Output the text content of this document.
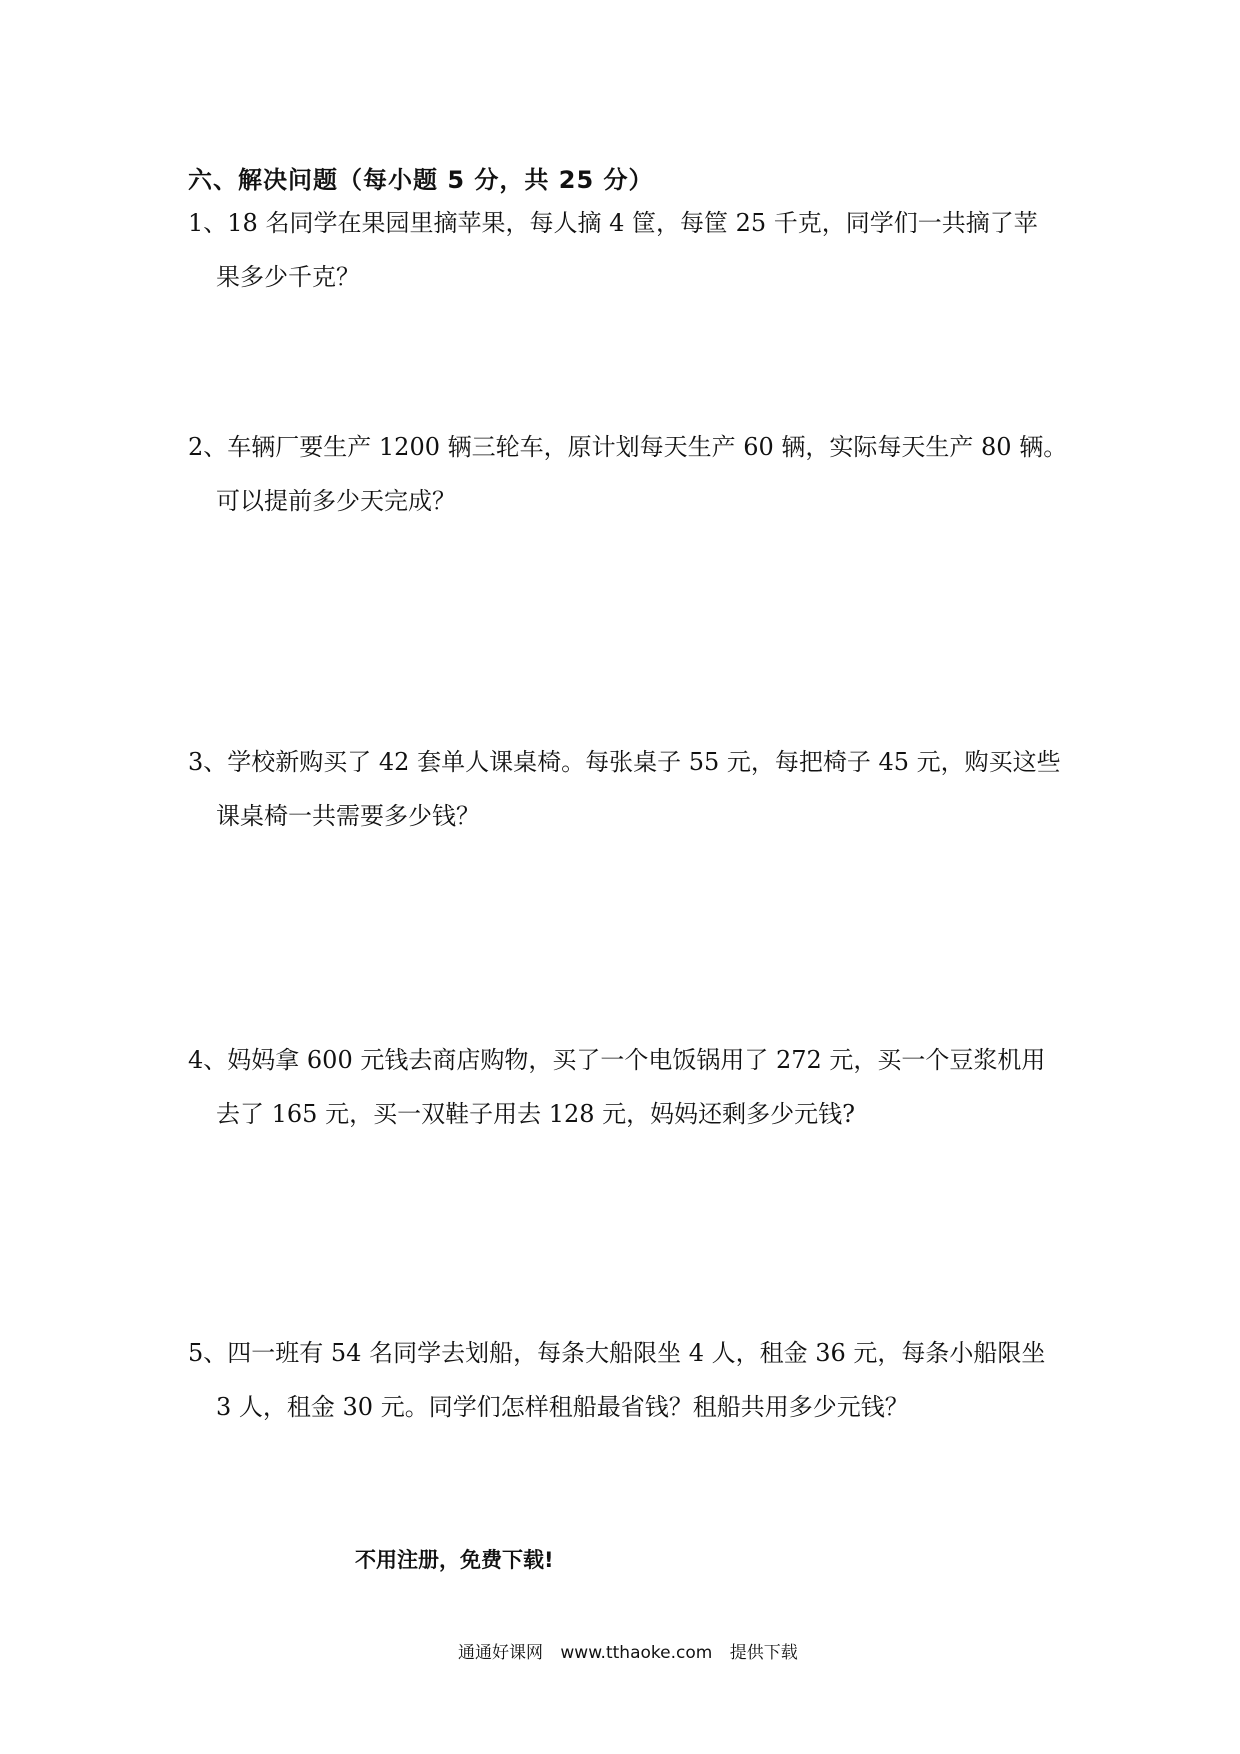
六、解决问题（每小题 5 分，共 25 分）
1、18 名同学在果园里摘苹果，每人摘 4 筐，每筐 25 千克，同学们一共摘了苹
果多少千克？
2、车辆厂要生产 1200 辆三轮车，原计划每天生产 60 辆，实际每天生产 80 辆。
可以提前多少天完成？
3、学校新购买了 42 套单人课桌椅。每张桌子 55 元，每把椅子 45 元，购买这些
课桌椅一共需要多少钱？
4、妈妈拿 600 元钱去商店购物，买了一个电饭锅用了 272 元，买一个豆浆机用
去了 165 元，买一双鞋子用去 128 元，妈妈还剩多少元钱?
5、四一班有 54 名同学去划船，每条大船限坐 4 人，租金 36 元，每条小船限坐
3 人，租金 30 元。同学们怎样租船最省钱？租船共用多少元钱？
不用注册，免费下载!
通通好课网 www.tthaoke.com 提供下载
